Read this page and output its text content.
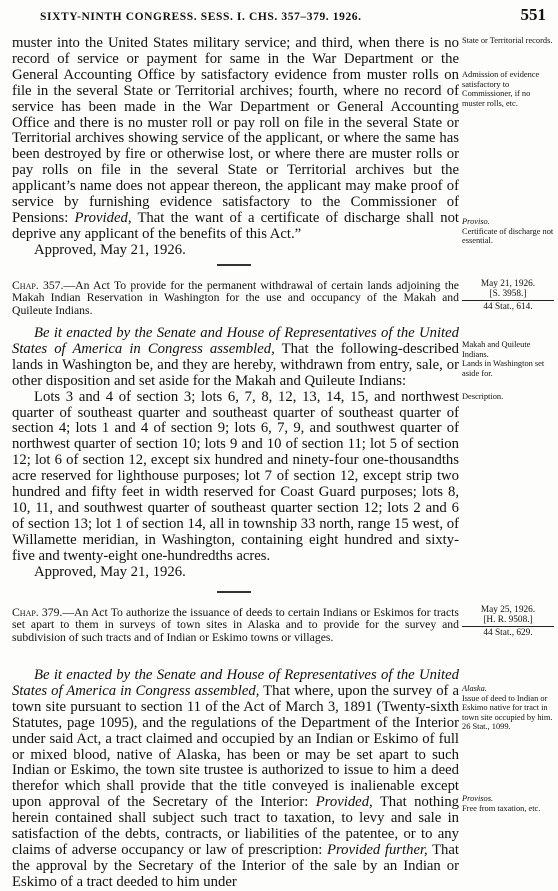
SIXTY-NINTH CONGRESS. SESS. I. CHS. 357–379. 1926.	551

muster into the United States military service; and third, when there is no record of service or payment for same in the War Department or the General Accounting Office by satisfactory evidence from muster rolls on file in the several State or Territorial archives; fourth, where no record of service has been made in the War Department or General Accounting Office and there is no muster roll or pay roll on file in the several State or Territorial archives showing service of the applicant, or where the same has been destroyed by fire or otherwise lost, or where there are muster rolls or pay rolls on file in the several State or Territorial archives but the applicant’s name does not appear thereon, the applicant may make proof of service by furnishing evidence satisfactory to the Commissioner of Pensions: Provided, That the want of a certificate of discharge shall not deprive any applicant of the benefits of this Act.”

Approved, May 21, 1926.

State or Territorial records.
Admission of evidence satisfactory to Commissioner, if no muster rolls, etc.
Proviso.
Certificate of discharge not essential.

Chap. 357.—An Act To provide for the permanent withdrawal of certain lands adjoining the Makah Indian Reservation in Washington for the use and occupancy of the Makah and Quileute Indians.

May 21, 1926.
[S. 3958.]
44 Stat., 614.

Be it enacted by the Senate and House of Representatives of the United States of America in Congress assembled, That the following-described lands in Washington be, and they are hereby, withdrawn from entry, sale, or other disposition and set aside for the Makah and Quileute Indians:

Lots 3 and 4 of section 3; lots 6, 7, 8, 12, 13, 14, 15, and northwest quarter of southeast quarter and southeast quarter of southeast quarter of section 4; lots 1 and 4 of section 9; lots 6, 7, 9, and southwest quarter of northwest quarter of section 10; lots 9 and 10 of section 11; lot 5 of section 12; lot 6 of section 12, except six hundred and ninety-four one-thousandths acre reserved for lighthouse purposes; lot 7 of section 12, except strip two hundred and fifty feet in width reserved for Coast Guard purposes; lots 8, 10, 11, and southwest quarter of southeast quarter section 12; lots 2 and 6 of section 13; lot 1 of section 14, all in township 33 north, range 15 west, of Willamette meridian, in Washington, containing eight hundred and sixty-five and twenty-eight one-hundredths acres.

Approved, May 21, 1926.

Makah and Quileute Indians.
Lands in Washington set aside for.
Description.

Chap. 379.—An Act To authorize the issuance of deeds to certain Indians or Eskimos for tracts set apart to them in surveys of town sites in Alaska and to provide for the survey and subdivision of such tracts and of Indian or Eskimo towns or villages.

May 25, 1926.
[H. R. 9508.]
44 Stat., 629.

Be it enacted by the Senate and House of Representatives of the United States of America in Congress assembled, That where, upon the survey of a town site pursuant to section 11 of the Act of March 3, 1891 (Twenty-sixth Statutes, page 1095), and the regulations of the Department of the Interior under said Act, a tract claimed and occupied by an Indian or Eskimo of full or mixed blood, native of Alaska, has been or may be set apart to such Indian or Eskimo, the town site trustee is authorized to issue to him a deed therefor which shall provide that the title conveyed is inalienable except upon approval of the Secretary of the Interior: Provided, That nothing herein contained shall subject such tract to taxation, to levy and sale in satisfaction of the debts, contracts, or liabilities of the patentee, or to any claims of adverse occupancy or law of prescription: Provided further, That the approval by the Secretary of the Interior of the sale by an Indian or Eskimo of a tract deeded to him under

Alaska.
Issue of deed to Indian or Eskimo native for tract in town site occupied by him.
26 Stat., 1099.
Provisos.
Free from taxation, etc.
